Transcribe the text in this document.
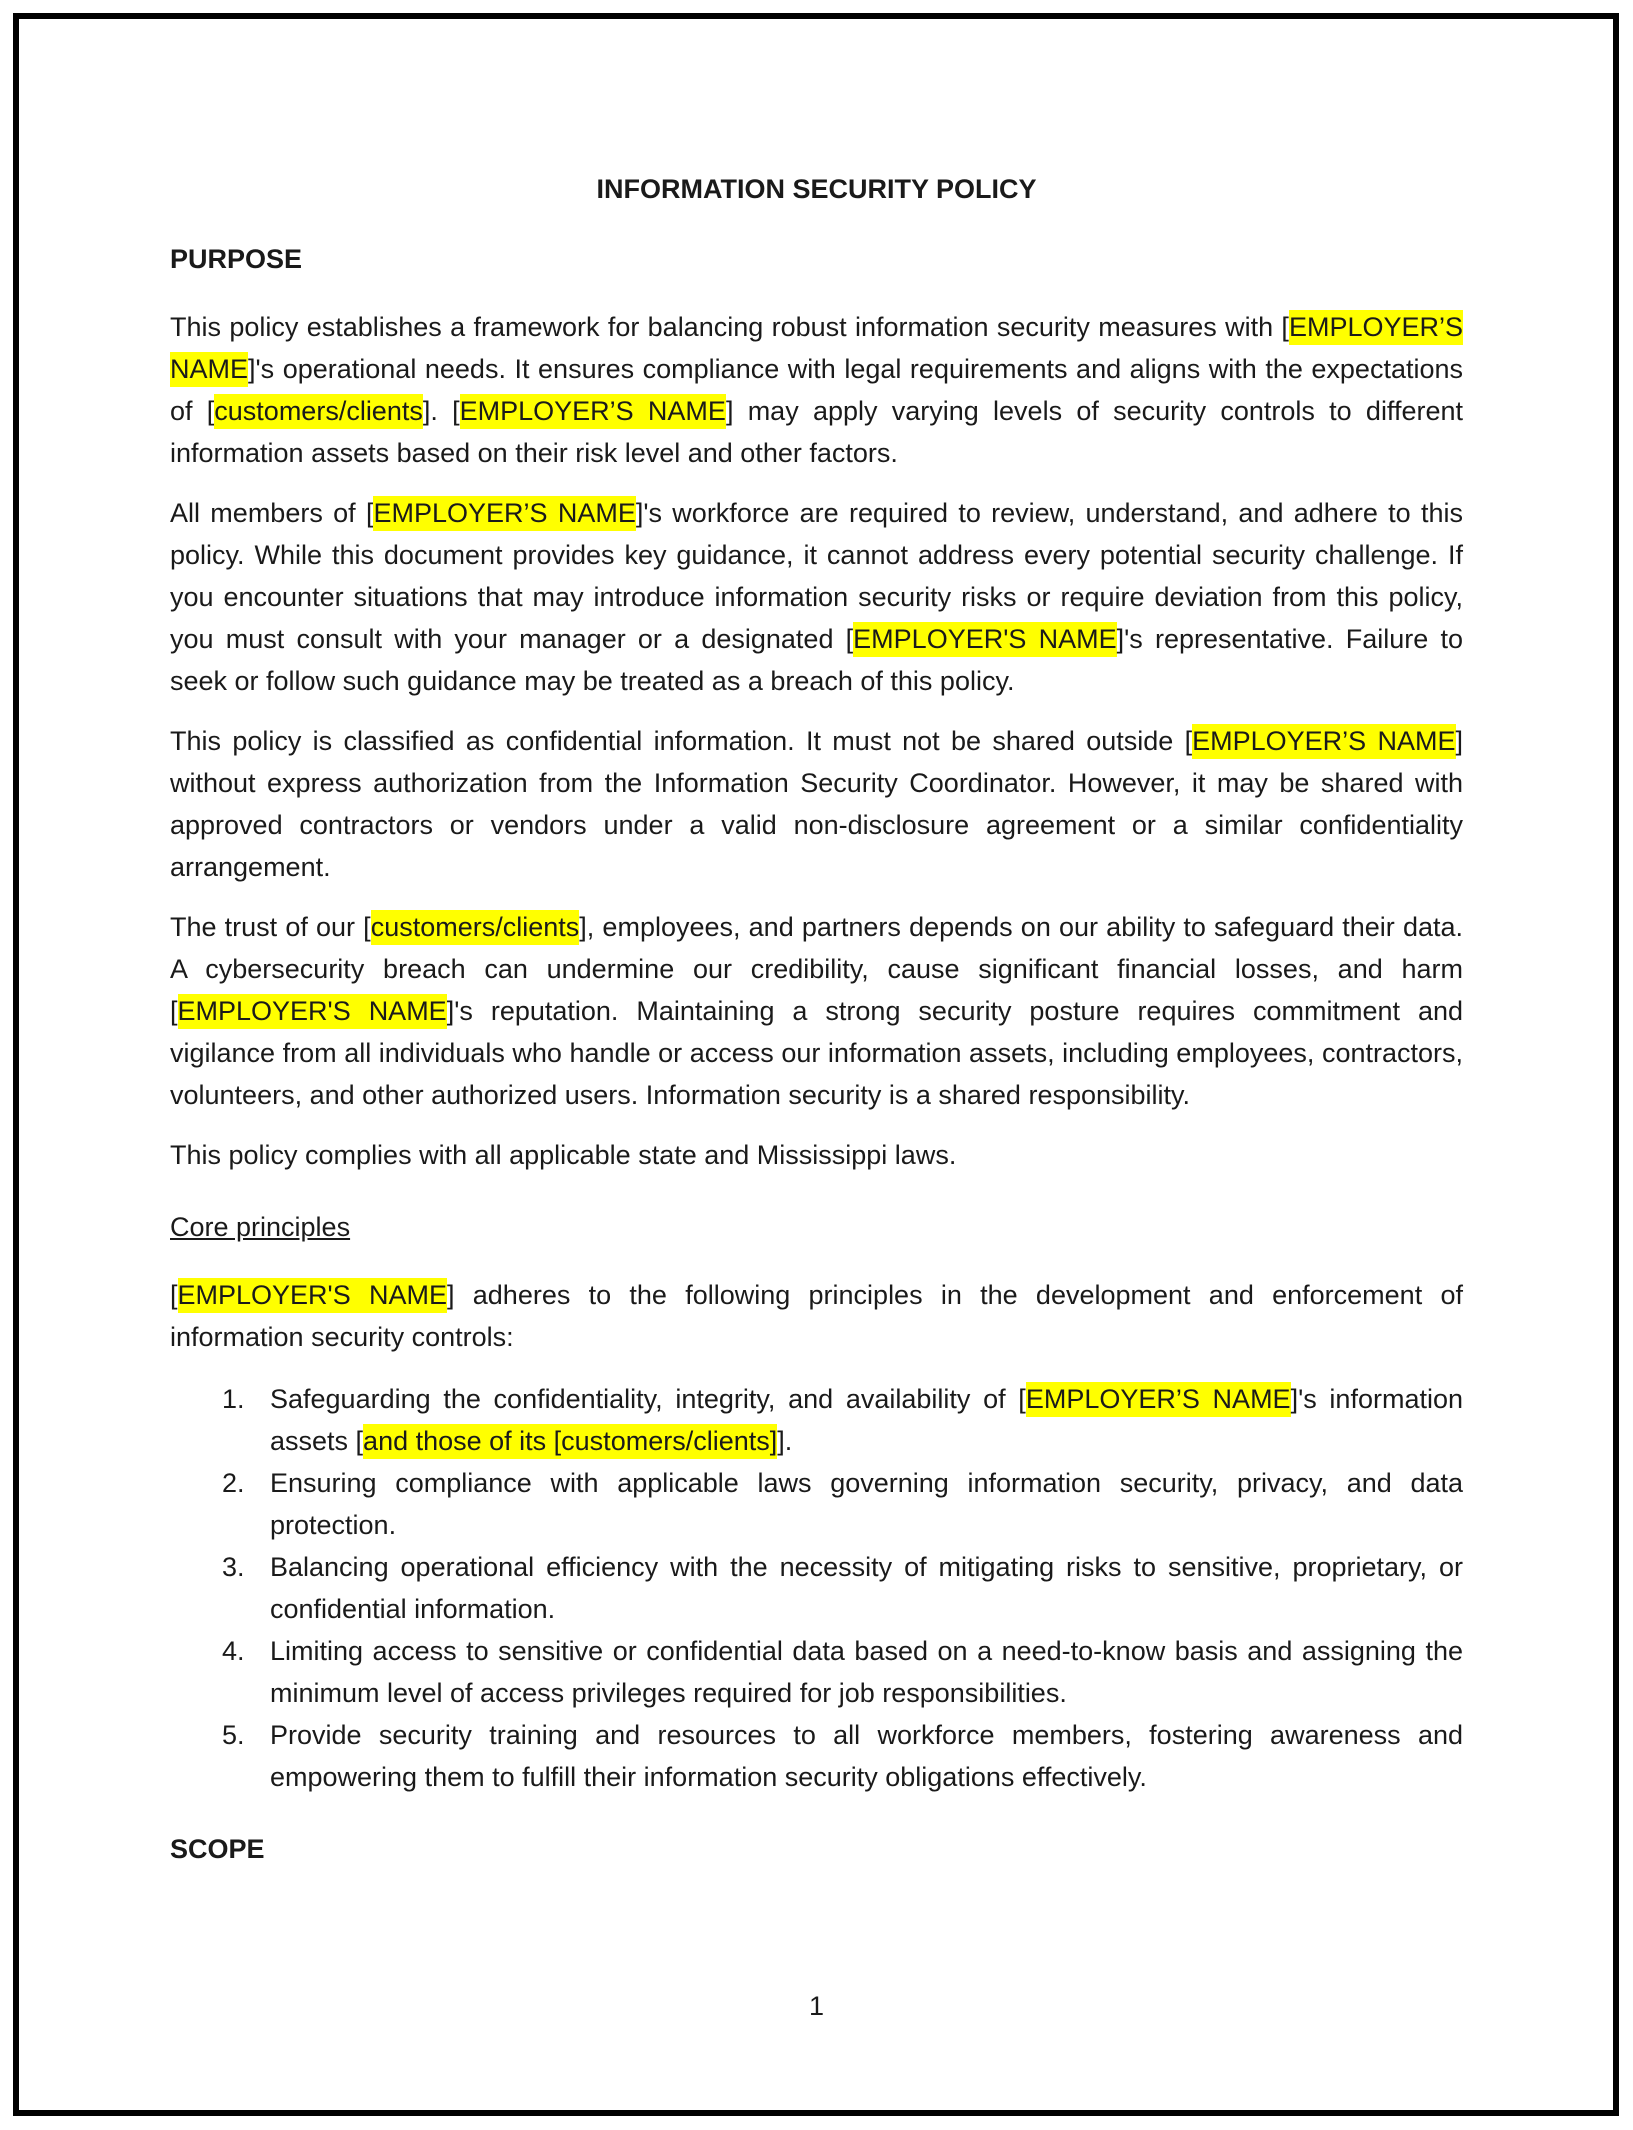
INFORMATION SECURITY POLICY
PURPOSE

This policy establishes a framework for balancing robust information security measures with [EMPLOYER’S NAME]'s operational needs. It ensures compliance with legal requirements and aligns with the expectations of [customers/clients]. [EMPLOYER’S NAME] may apply varying levels of security controls to different information assets based on their risk level and other factors.

All members of [EMPLOYER’S NAME]'s workforce are required to review, understand, and adhere to this policy. While this document provides key guidance, it cannot address every potential security challenge. If you encounter situations that may introduce information security risks or require deviation from this policy, you must consult with your manager or a designated [EMPLOYER'S NAME]'s representative. Failure to seek or follow such guidance may be treated as a breach of this policy.

This policy is classified as confidential information. It must not be shared outside [EMPLOYER’S NAME] without express authorization from the Information Security Coordinator. However, it may be shared with approved contractors or vendors under a valid non-disclosure agreement or a similar confidentiality arrangement.

The trust of our [customers/clients], employees, and partners depends on our ability to safeguard their data. A cybersecurity breach can undermine our credibility, cause significant financial losses, and harm [EMPLOYER'S NAME]'s reputation. Maintaining a strong security posture requires commitment and vigilance from all individuals who handle or access our information assets, including employees, contractors, volunteers, and other authorized users. Information security is a shared responsibility.

This policy complies with all applicable state and Mississippi laws.

Core principles

[EMPLOYER'S NAME] adheres to the following principles in the development and enforcement of information security controls:

1. Safeguarding the confidentiality, integrity, and availability of [EMPLOYER’S NAME]'s information assets [and those of its [customers/clients]].
2. Ensuring compliance with applicable laws governing information security, privacy, and data protection.
3. Balancing operational efficiency with the necessity of mitigating risks to sensitive, proprietary, or confidential information.
4. Limiting access to sensitive or confidential data based on a need-to-know basis and assigning the minimum level of access privileges required for job responsibilities.
5. Provide security training and resources to all workforce members, fostering awareness and empowering them to fulfill their information security obligations effectively.
SCOPE
1
